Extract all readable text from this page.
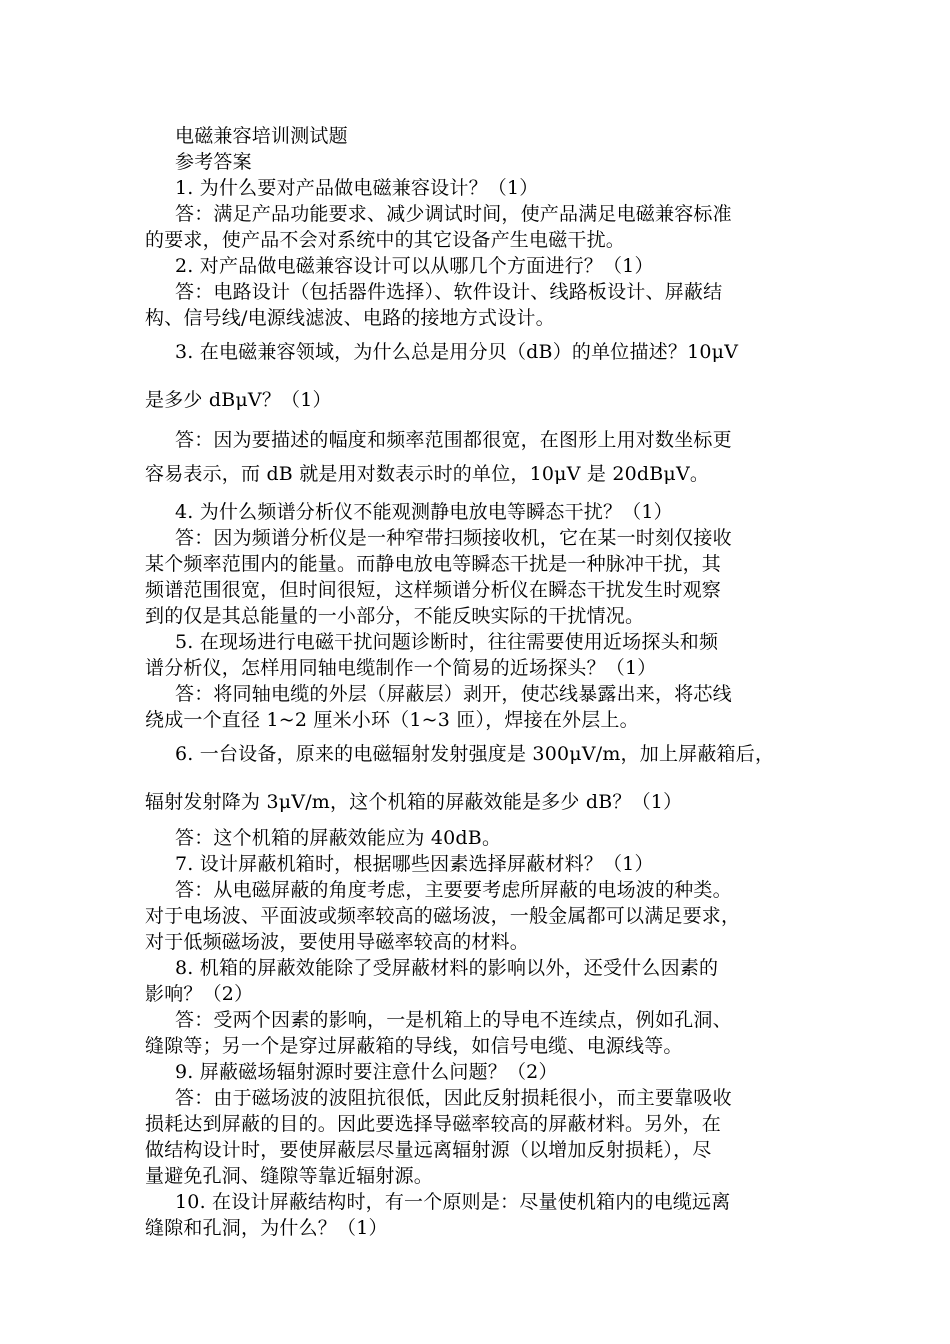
电磁兼容培训测试题
参考答案
1. 为什么要对产品做电磁兼容设计？（1）
答：满足产品功能要求、减少调试时间，使产品满足电磁兼容标准
的要求，使产品不会对系统中的其它设备产生电磁干扰。
2. 对产品做电磁兼容设计可以从哪几个方面进行？（1）
答：电路设计（包括器件选择）、软件设计、线路板设计、屏蔽结
构、信号线/电源线滤波、电路的接地方式设计。
3. 在电磁兼容领域，为什么总是用分贝（dB）的单位描述？10μV
是多少 dBμV？（1）
答：因为要描述的幅度和频率范围都很宽，在图形上用对数坐标更
容易表示，而 dB 就是用对数表示时的单位，10μV 是 20dBμV。
4. 为什么频谱分析仪不能观测静电放电等瞬态干扰？（1）
答：因为频谱分析仪是一种窄带扫频接收机，它在某一时刻仅接收
某个频率范围内的能量。而静电放电等瞬态干扰是一种脉冲干扰，其
频谱范围很宽，但时间很短，这样频谱分析仪在瞬态干扰发生时观察
到的仅是其总能量的一小部分，不能反映实际的干扰情况。
5. 在现场进行电磁干扰问题诊断时，往往需要使用近场探头和频
谱分析仪，怎样用同轴电缆制作一个简易的近场探头？（1）
答：将同轴电缆的外层（屏蔽层）剥开，使芯线暴露出来，将芯线
绕成一个直径 1~2 厘米小环（1~3 匝），焊接在外层上。
6. 一台设备，原来的电磁辐射发射强度是 300μV/m，加上屏蔽箱后，
辐射发射降为 3μV/m，这个机箱的屏蔽效能是多少 dB？（1）
答：这个机箱的屏蔽效能应为 40dB。
7. 设计屏蔽机箱时，根据哪些因素选择屏蔽材料？（1）
答：从电磁屏蔽的角度考虑，主要要考虑所屏蔽的电场波的种类。
对于电场波、平面波或频率较高的磁场波，一般金属都可以满足要求，
对于低频磁场波，要使用导磁率较高的材料。
8. 机箱的屏蔽效能除了受屏蔽材料的影响以外，还受什么因素的
影响？（2）
答：受两个因素的影响，一是机箱上的导电不连续点，例如孔洞、
缝隙等；另一个是穿过屏蔽箱的导线，如信号电缆、电源线等。
9. 屏蔽磁场辐射源时要注意什么问题？（2）
答：由于磁场波的波阻抗很低，因此反射损耗很小，而主要靠吸收
损耗达到屏蔽的目的。因此要选择导磁率较高的屏蔽材料。另外，在
做结构设计时，要使屏蔽层尽量远离辐射源（以增加反射损耗），尽
量避免孔洞、缝隙等靠近辐射源。
10. 在设计屏蔽结构时，有一个原则是：尽量使机箱内的电缆远离
缝隙和孔洞，为什么？（1）
